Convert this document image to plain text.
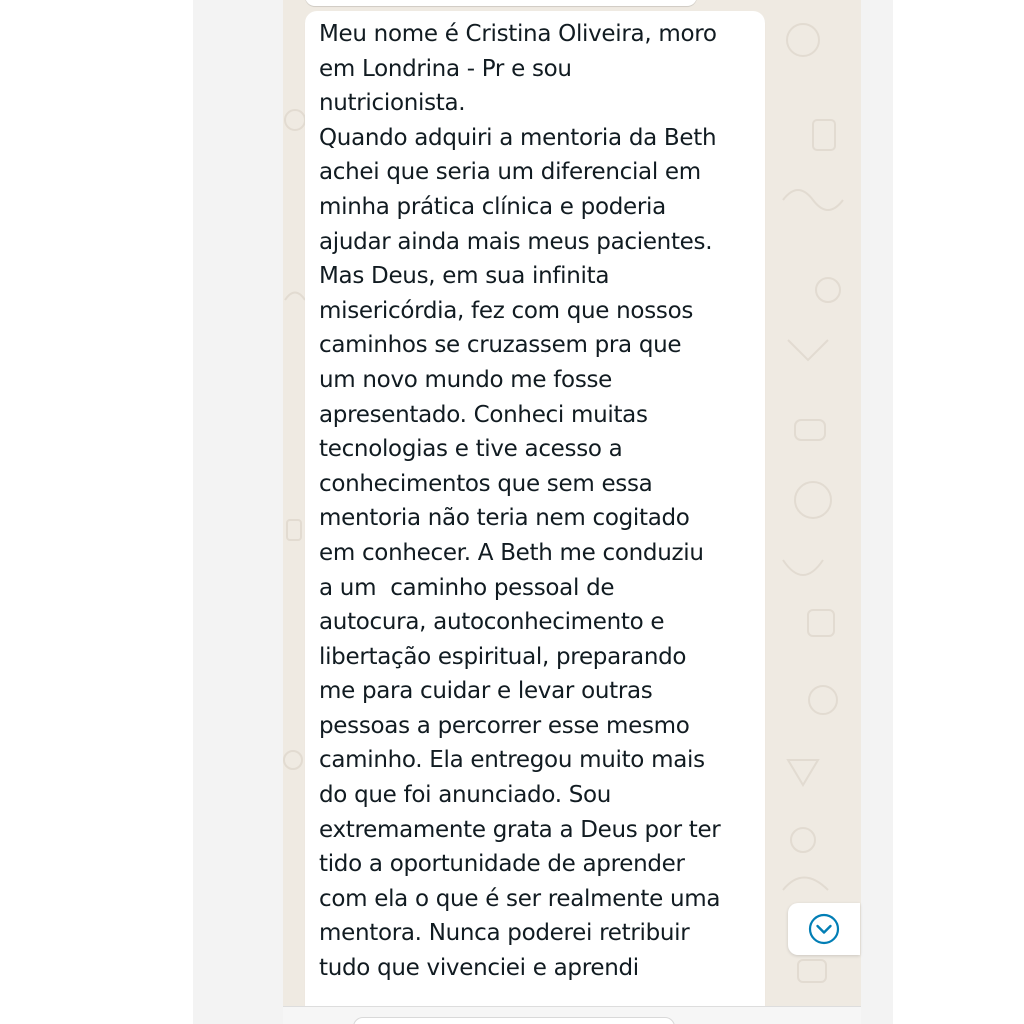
Meu nome é Cristina Oliveira, moro
em Londrina - Pr e sou
nutricionista.
Quando adquiri a mentoria da Beth
achei que seria um diferencial em
minha prática clínica e poderia
ajudar ainda mais meus pacientes.
Mas Deus, em sua infinita
misericórdia, fez com que nossos
caminhos se cruzassem pra que
um novo mundo me fosse
apresentado. Conheci muitas
tecnologias e tive acesso a
conhecimentos que sem essa
mentoria não teria nem cogitado
em conhecer. A Beth me conduziu
a um  caminho pessoal de
autocura, autoconhecimento e
libertação espiritual, preparando
me para cuidar e levar outras
pessoas a percorrer esse mesmo
caminho. Ela entregou muito mais
do que foi anunciado. Sou
extremamente grata a Deus por ter
tido a oportunidade de aprender
com ela o que é ser realmente uma
mentora. Nunca poderei retribuir
tudo que vivenciei e aprendi
